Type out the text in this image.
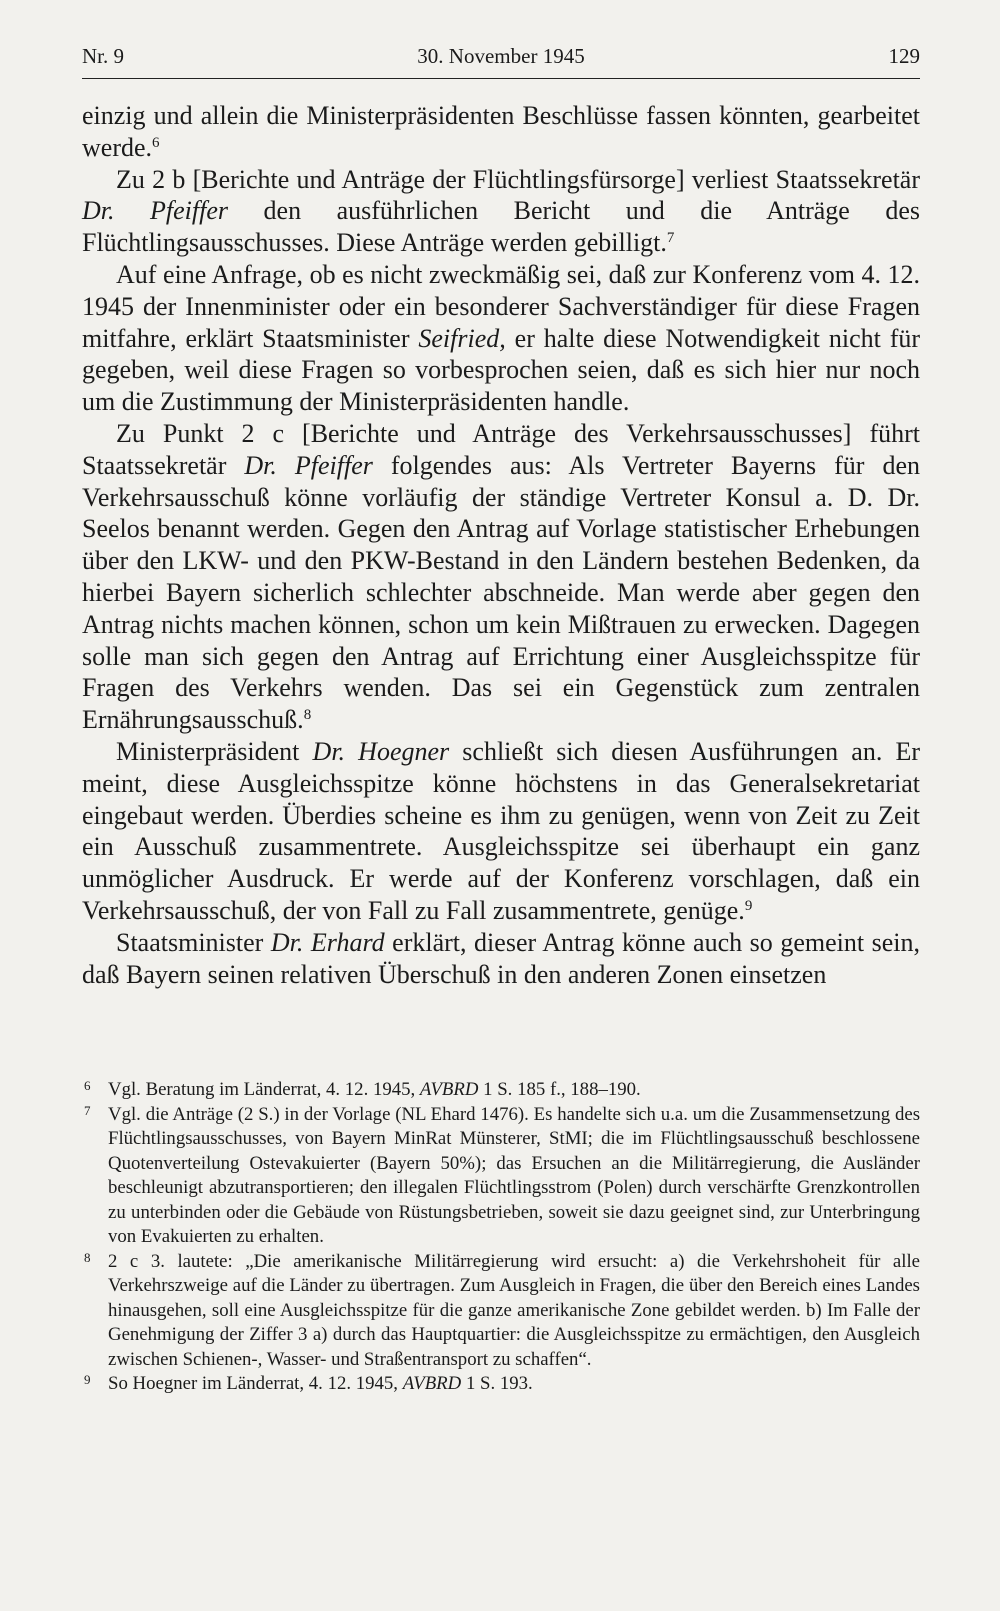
Nr. 9	30. November 1945	129

einzig und allein die Ministerpräsidenten Beschlüsse fassen könnten, gearbeitet werde.$^6$

Zu 2 b [Berichte und Anträge der Flüchtlingsfürsorge] verliest Staatssekretär Dr. Pfeiffer den ausführlichen Bericht und die Anträge des Flüchtlingsausschusses. Diese Anträge werden gebilligt.$^7$

Auf eine Anfrage, ob es nicht zweckmäßig sei, daß zur Konferenz vom 4. 12. 1945 der Innenminister oder ein besonderer Sachverständiger für diese Fragen mitfahre, erklärt Staatsminister Seifried, er halte diese Notwendigkeit nicht für gegeben, weil diese Fragen so vorbesprochen seien, daß es sich hier nur noch um die Zustimmung der Ministerpräsidenten handle.

Zu Punkt 2 c [Berichte und Anträge des Verkehrsausschusses] führt Staatssekretär Dr. Pfeiffer folgendes aus: Als Vertreter Bayerns für den Verkehrsausschuß könne vorläufig der ständige Vertreter Konsul a. D. Dr. Seelos benannt werden. Gegen den Antrag auf Vorlage statistischer Erhebungen über den LKW- und den PKW-Bestand in den Ländern bestehen Bedenken, da hierbei Bayern sicherlich schlechter abschneide. Man werde aber gegen den Antrag nichts machen können, schon um kein Mißtrauen zu erwecken. Dagegen solle man sich gegen den Antrag auf Errichtung einer Ausgleichsspitze für Fragen des Verkehrs wenden. Das sei ein Gegenstück zum zentralen Ernährungsausschuß.$^8$

Ministerpräsident Dr. Hoegner schließt sich diesen Ausführungen an. Er meint, diese Ausgleichsspitze könne höchstens in das Generalsekretariat eingebaut werden. Überdies scheine es ihm zu genügen, wenn von Zeit zu Zeit ein Ausschuß zusammentrete. Ausgleichsspitze sei überhaupt ein ganz unmöglicher Ausdruck. Er werde auf der Konferenz vorschlagen, daß ein Verkehrsausschuß, der von Fall zu Fall zusammentrete, genüge.$^9$

Staatsminister Dr. Erhard erklärt, dieser Antrag könne auch so gemeint sein, daß Bayern seinen relativen Überschuß in den anderen Zonen einsetzen

6 Vgl. Beratung im Länderrat, 4. 12. 1945, AVBRD 1 S. 185 f., 188–190.

7 Vgl. die Anträge (2 S.) in der Vorlage (NL Ehard 1476). Es handelte sich u.a. um die Zusammensetzung des Flüchtlingsausschusses, von Bayern MinRat Münsterer, StMI; die im Flüchtlingsausschuß beschlossene Quotenverteilung Ostevakuierter (Bayern 50%); das Ersuchen an die Militärregierung, die Ausländer beschleunigt abzutransportieren; den illegalen Flüchtlingsstrom (Polen) durch verschärfte Grenzkontrollen zu unterbinden oder die Gebäude von Rüstungsbetrieben, soweit sie dazu geeignet sind, zur Unterbringung von Evakuierten zu erhalten.

8 2 c 3. lautete: „Die amerikanische Militärregierung wird ersucht: a) die Verkehrshoheit für alle Verkehrszweige auf die Länder zu übertragen. Zum Ausgleich in Fragen, die über den Bereich eines Landes hinausgehen, soll eine Ausgleichsspitze für die ganze amerikanische Zone gebildet werden. b) Im Falle der Genehmigung der Ziffer 3 a) durch das Hauptquartier: die Ausgleichsspitze zu ermächtigen, den Ausgleich zwischen Schienen-, Wasser- und Straßentransport zu schaffen“.

9 So Hoegner im Länderrat, 4. 12. 1945, AVBRD 1 S. 193.
